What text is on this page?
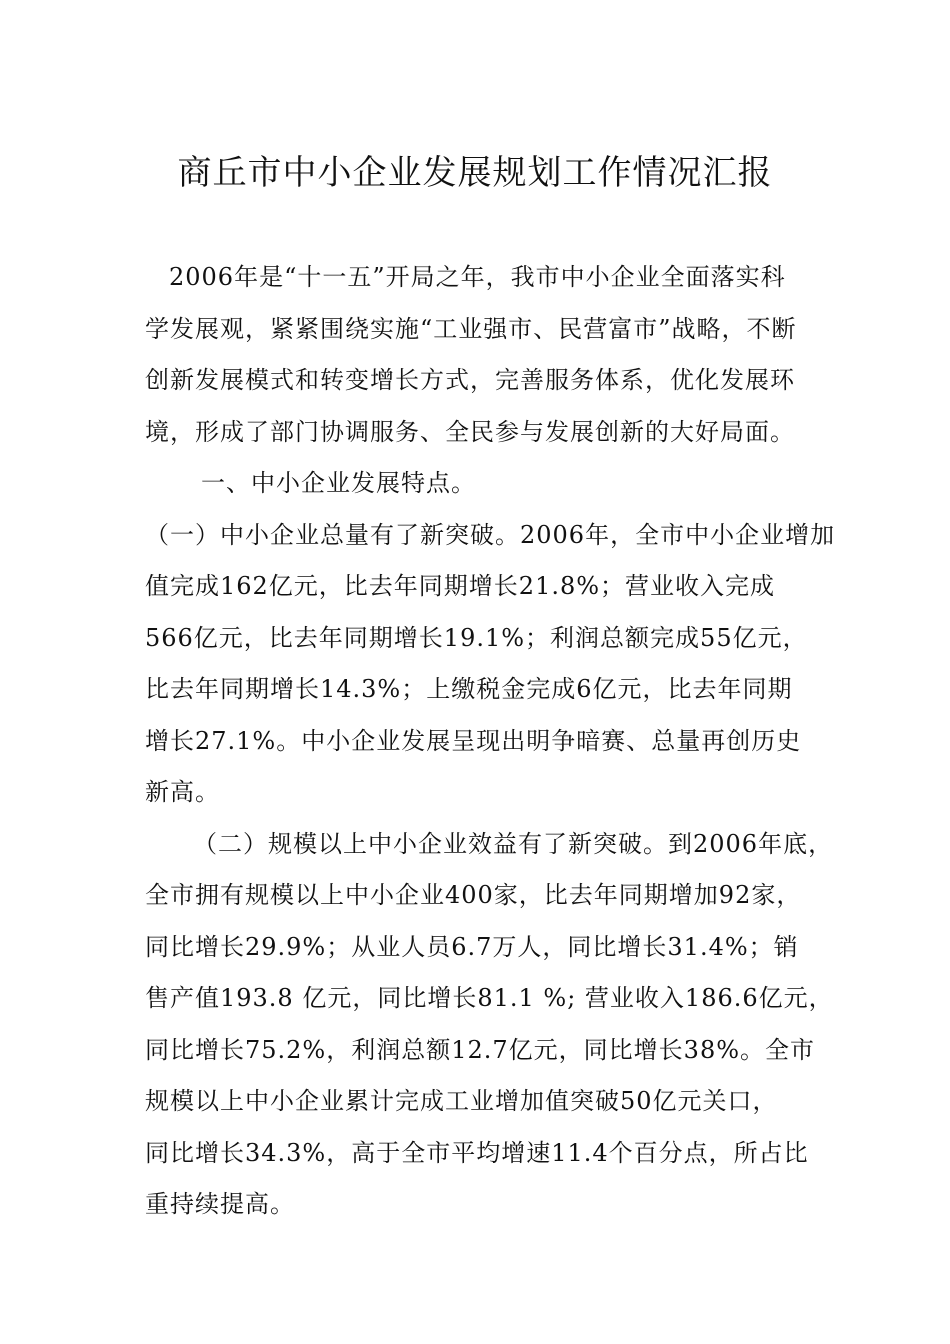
商丘市中小企业发展规划工作情况汇报
2006年是“十一五”开局之年，我市中小企业全面落实科
学发展观，紧紧围绕实施“工业强市、民营富市”战略，不断
创新发展模式和转变增长方式，完善服务体系，优化发展环
境，形成了部门协调服务、全民参与发展创新的大好局面。
一、中小企业发展特点。
（一）中小企业总量有了新突破。2006年，全市中小企业增加
值完成162亿元，比去年同期增长21.8%；营业收入完成
566亿元，比去年同期增长19.1%；利润总额完成55亿元，
比去年同期增长14.3%；上缴税金完成6亿元，比去年同期
增长27.1%。中小企业发展呈现出明争暗赛、总量再创历史
新高。
（二）规模以上中小企业效益有了新突破。到2006年底，
全市拥有规模以上中小企业400家，比去年同期增加92家，
同比增长29.9%；从业人员6.7万人，同比增长31.4%；销
售产值193.8 亿元，同比增长81.1 %; 营业收入186.6亿元，
同比增长75.2%，利润总额12.7亿元，同比增长38%。全市
规模以上中小企业累计完成工业增加值突破50亿元关口，
同比增长34.3%，高于全市平均增速11.4个百分点，所占比
重持续提高。
